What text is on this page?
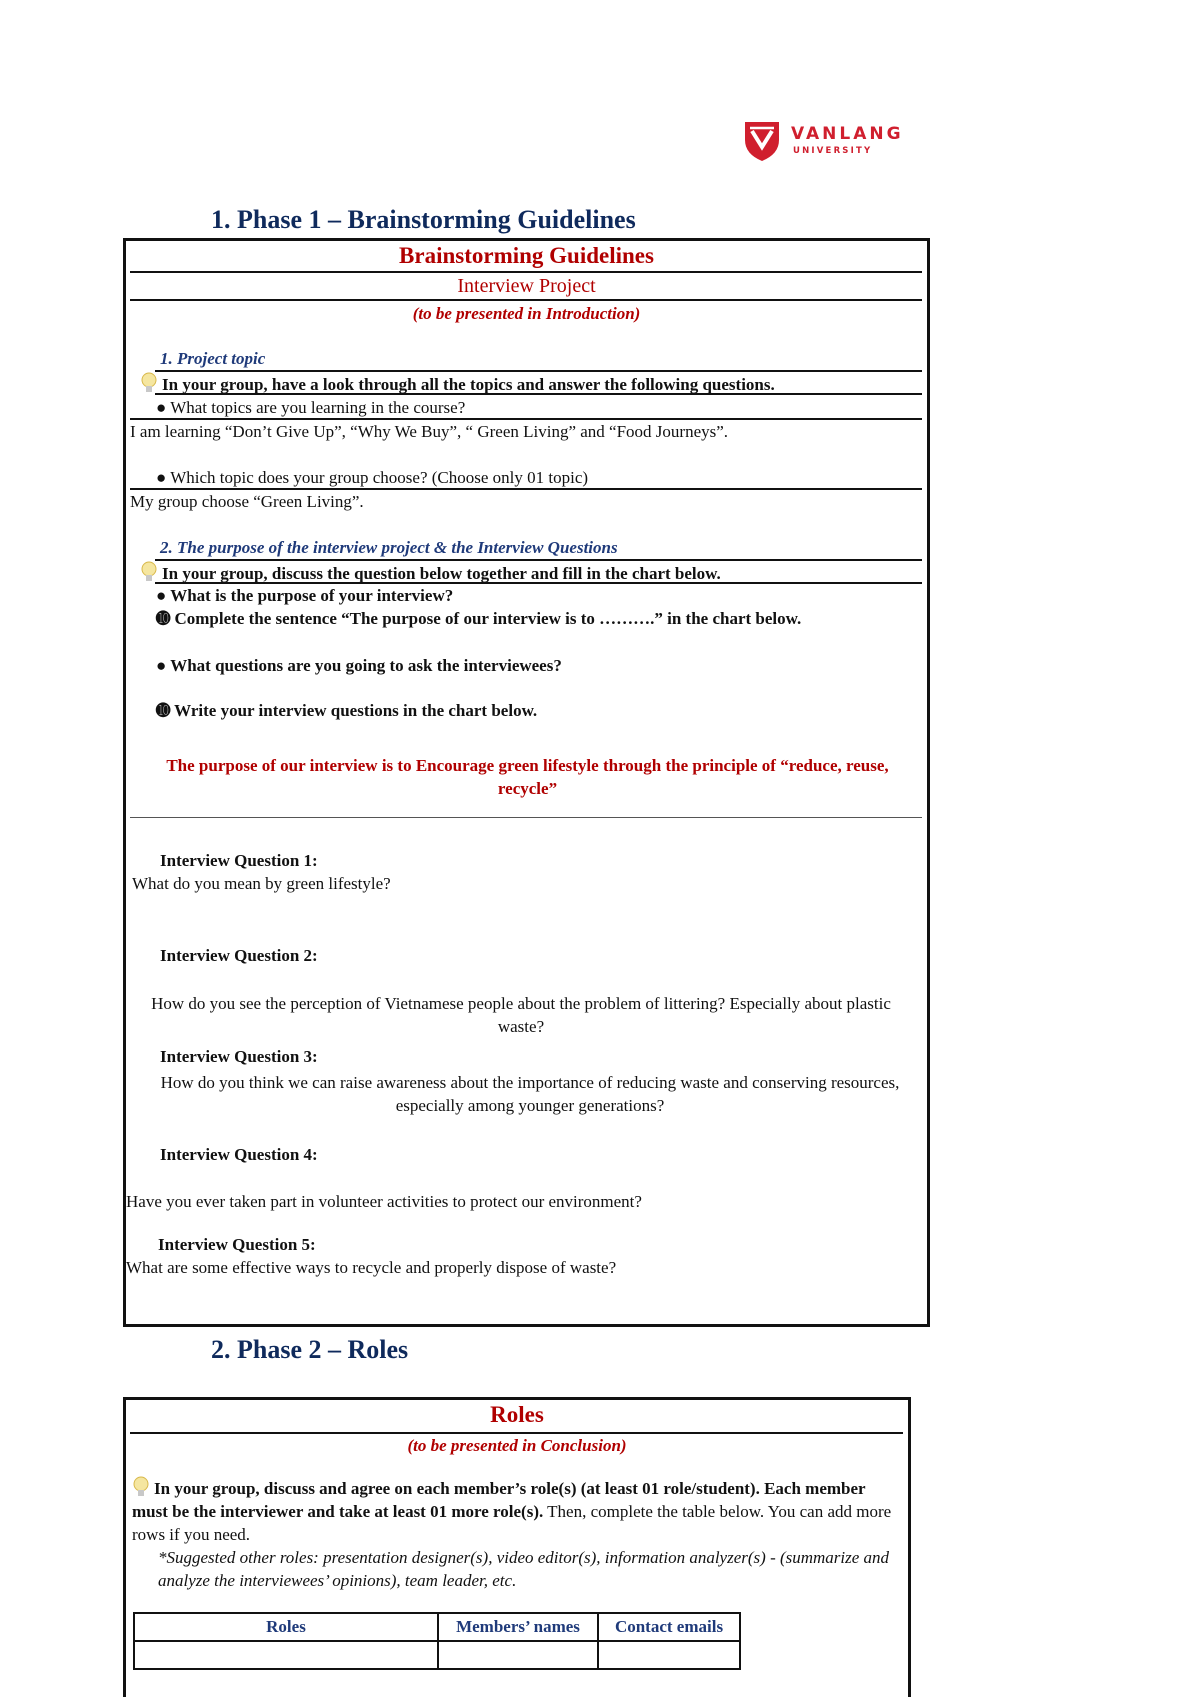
VANLANG
UNIVERSITY
1. Phase 1 – Brainstorming Guidelines
Brainstorming Guidelines
Interview Project
(to be presented in Introduction)
1. Project topic
In your group, have a look through all the topics and answer the following questions.
● What topics are you learning in the course?
I am learning “Don’t Give Up”, “Why We Buy”, “ Green Living” and “Food Journeys”.
● Which topic does your group choose? (Choose only 01 topic)
My group choose “Green Living”.
2. The purpose of the interview project & the Interview Questions
In your group, discuss the question below together and fill in the chart below.
● What is the purpose of your interview?
➓ Complete the sentence “The purpose of our interview is to ……….” in the chart below.
● What questions are you going to ask the interviewees?
➓ Write your interview questions in the chart below.
The purpose of our interview is to Encourage green lifestyle through the principle of “reduce, reuse, recycle”
Interview Question 1:
What do you mean by green lifestyle?
Interview Question 2:
How do you see the perception of Vietnamese people about the problem of littering? Especially about plastic waste?
Interview Question 3:
How do you think we can raise awareness about the importance of reducing waste and conserving resources, especially among younger generations?
Interview Question 4:
Have you ever taken part in volunteer activities to protect our environment?
Interview Question 5:
What are some effective ways to recycle and properly dispose of waste?
2. Phase 2 – Roles
Roles
(to be presented in Conclusion)
In your group, discuss and agree on each member’s role(s) (at least 01 role/student). Each member must be the interviewer and take at least 01 more role(s). Then, complete the table below. You can add more rows if you need.
*Suggested other roles: presentation designer(s), video editor(s), information analyzer(s) - (summarize and analyze the interviewees’ opinions), team leader, etc.
Roles	Members’ names	Contact emails
